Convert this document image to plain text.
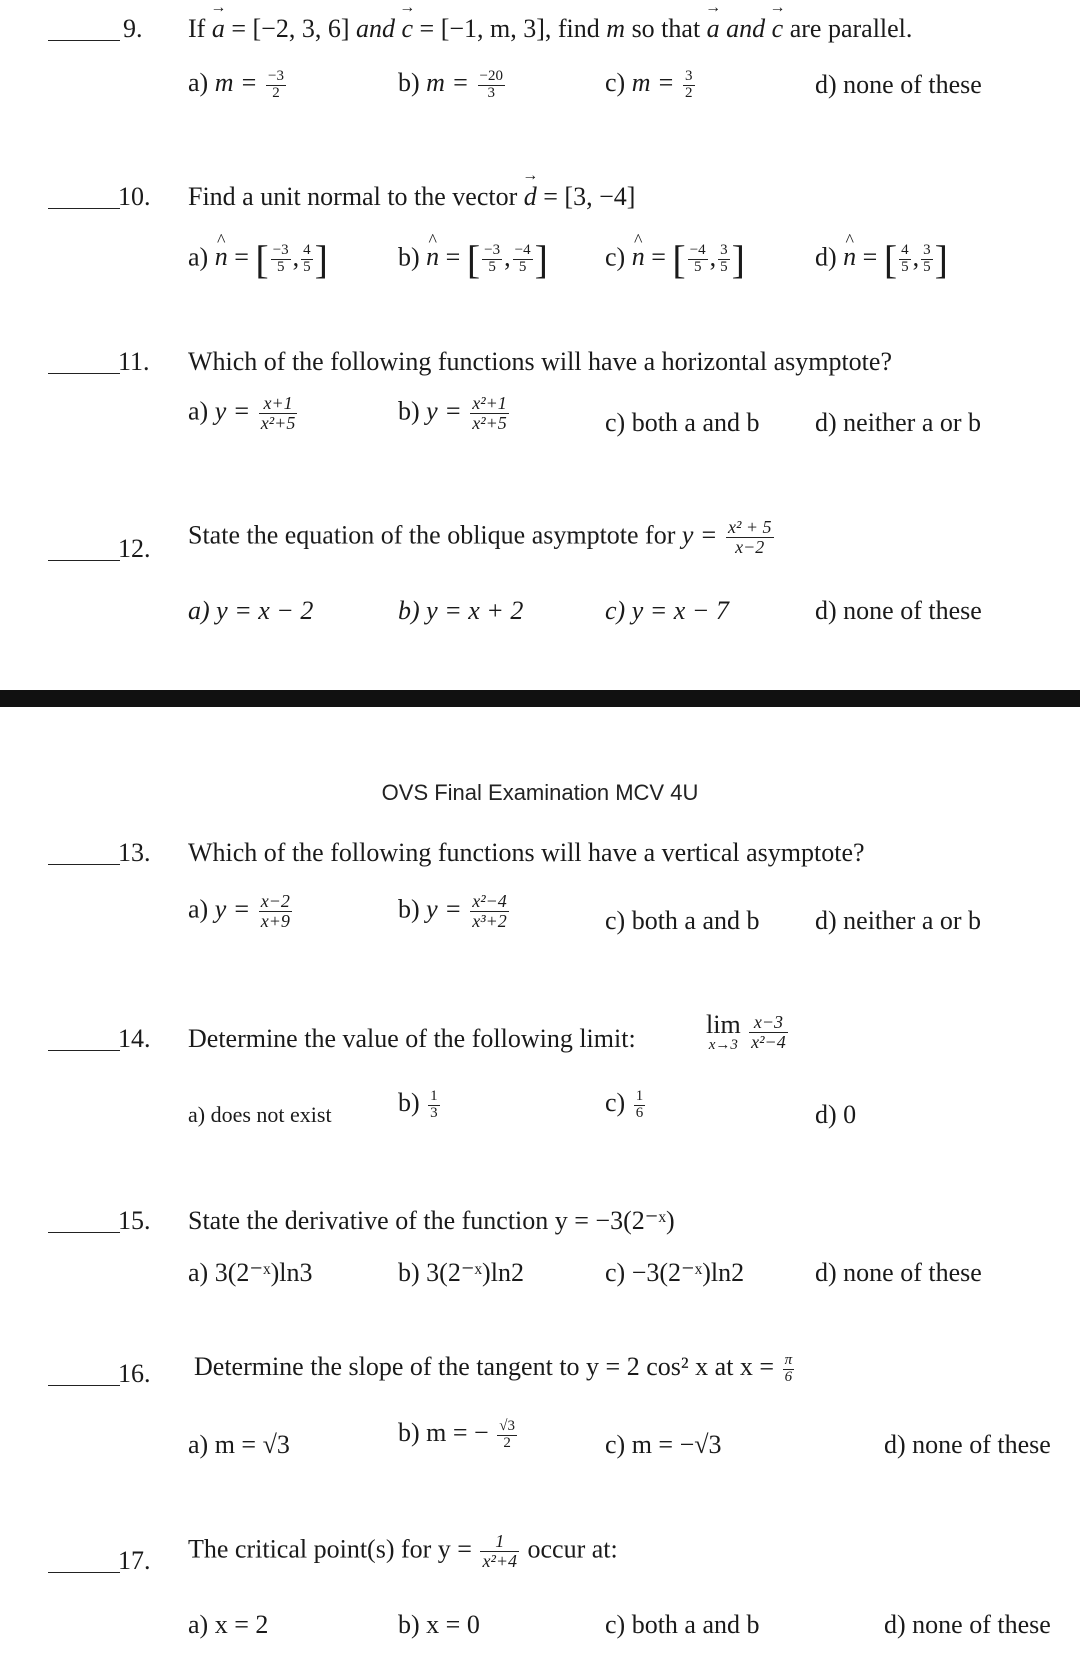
9. If → a = [−2, 3, 6] and → c = [−1, m, 3], find m so that → a and → c are parallel.
a) $m = \frac{-3}{2}$	b) $m = \frac{-20}{3}$	c) $m = \frac{3}{2}$	d) none of these
10. Find a unit normal to the vector → d = [3, −4]
a) ^ n = [ $\frac{-3}{5}$ , $\frac{4}{5}$ ]	b) ^ n = [ $\frac{-3}{5}$ , $\frac{-4}{5}$ ] c) ^ n = [ $\frac{-4}{5}$ , $\frac{3}{5}$ ]	d) ^ n = [ $\frac{4}{5}$ , $\frac{3}{5}$ ]
11. Which of the following functions will have a horizontal asymptote?
a) $y = \frac{x+1}{\text{x²+5}}$	b) $y = \frac{\text{x²+1}}{\text{x²+5}}$	c) both a and b d) neither a or b
12. State the equation of the oblique asymptote for $y = \frac{\text{x² + 5}}{x-2}$
a) y = x − 2	b) y = x + 2	c) y = x − 7	d) none of these
OVS Final Examination MCV 4U
13. Which of the following functions will have a vertical asymptote?
a) $y = \frac{x-2}{x+9}$	b) $y = \frac{\text{x²−4}}{\text{x³+2}}$	c) both a and b d) neither a or b
14. Determine the value of the following limit:	lim
x→3
$\frac{x-3}{\text{x²−4}}$
a) does not exist	$b) \frac{1}{3}$	$c) \frac{1}{6}$	d) 0
15. State the derivative of the function y = −3(2⁻ˣ)
a) 3(2⁻ˣ)ln3	b) 3(2⁻ˣ)ln2	c) −3(2⁻ˣ)ln2	d) none of these
16. Determine the slope of the tangent to y = 2 cos² x at $x = \frac{\pi}{6}$
a) m = √3	b) m = − $\frac{√3}{2}$	c) m = −√3	d) none of these
17. The critical point(s) for $y = \frac{1}{\text{x²+4}}$ occur at:
a) x = 2	b) x = 0	c) both a and b	d) none of these
